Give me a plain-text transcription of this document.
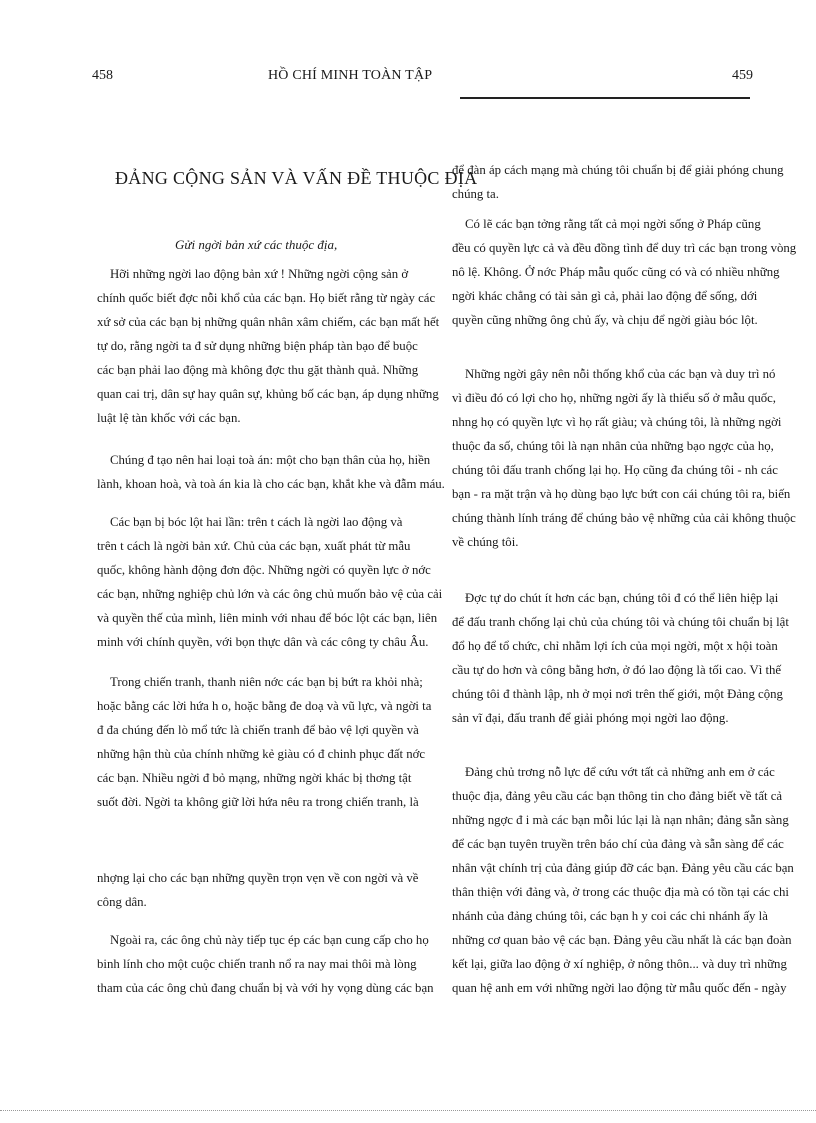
458	HỒ CHÍ MINH TOÀN TẬP	459
ĐẢNG CỘNG SẢN VÀ VẤN ĐỀ THUỘC ĐỊA
Gửi ngời bản xứ các thuộc địa,
Hỡi những ngời lao động bản xứ ! Những ngời cộng sản ở
chính quốc biết đợc nỗi khổ của các bạn. Họ biết rằng từ ngày các
xứ sở của các bạn bị những quân nhân xâm chiếm, các bạn mất hết
tự do, rằng ngời ta đ sử dụng những biện pháp tàn bạo để buộc
các bạn phải lao động mà không đợc thu gặt thành quả. Những
quan cai trị, dân sự hay quân sự, khủng bố các bạn, áp dụng những
luật lệ tàn khốc với các bạn.
Chúng đ tạo nên hai loại toà án: một cho bạn thân của họ, hiền
lành, khoan hoà, và toà án kia là cho các bạn, khắt khe và đẫm máu.
Các bạn bị bóc lột hai lần: trên t cách là ngời lao động và
trên t cách là ngời bản xứ. Chủ của các bạn, xuất phát từ mẫu
quốc, không hành động đơn độc. Những ngời có quyền lực ở nớc
các bạn, những nghiệp chủ lớn và các ông chủ muốn bảo vệ của cải
và quyền thế của mình, liên minh với nhau để bóc lột các bạn, liên
minh với chính quyền, với bọn thực dân và các công ty châu Âu.
Trong chiến tranh, thanh niên nớc các bạn bị bứt ra khỏi nhà;
hoặc bằng các lời hứa h o, hoặc bằng đe doạ và vũ lực, và ngời ta
đ đa chúng đến lò mổ tức là chiến tranh để bảo vệ lợi quyền và
những hận thù của chính những kẻ giàu có đ chinh phục đất nớc
các bạn. Nhiều ngời đ bỏ mạng, những ngời khác bị thơng tật
suốt đời. Ngời ta không giữ lời hứa nêu ra trong chiến tranh, là
nhợng lại cho các bạn những quyền trọn vẹn về con ngời và về
công dân.
Ngoài ra, các ông chủ này tiếp tục ép các bạn cung cấp cho họ
binh lính cho một cuộc chiến tranh nổ ra nay mai thôi mà lòng
tham của các ông chủ đang chuẩn bị và với hy vọng dùng các bạn
để đàn áp cách mạng mà chúng tôi chuẩn bị để giải phóng chung
chúng ta.
Có lẽ các bạn tởng rằng tất cả mọi ngời sống ở Pháp cũng
đều có quyền lực cả và đều đồng tình để duy trì các bạn trong vòng
nô lệ. Không. Ở nớc Pháp mẫu quốc cũng có và có nhiều những
ngời khác chẳng có tài sản gì cả, phải lao động để sống, dới
quyền cũng những ông chủ ấy, và chịu để ngời giàu bóc lột.
Những ngời gây nên nỗi thống khổ của các bạn và duy trì nó
vì điều đó có lợi cho họ, những ngời ấy là thiểu số ở mẫu quốc,
nhng họ có quyền lực vì họ rất giàu; và chúng tôi, là những ngời
thuộc đa số, chúng tôi là nạn nhân của những bạo ngợc của họ,
chúng tôi đấu tranh chống lại họ. Họ cũng đa chúng tôi - nh các
bạn - ra mặt trận và họ dùng bạo lực bứt con cái chúng tôi ra, biến
chúng thành lính tráng để chúng bảo vệ những của cải không thuộc
về chúng tôi.
Đợc tự do chút ít hơn các bạn, chúng tôi đ có thể liên hiệp lại
để đấu tranh chống lại chủ của chúng tôi và chúng tôi chuẩn bị lật
đổ họ để tổ chức, chỉ nhằm lợi ích của mọi ngời, một x hội toàn
cầu tự do hơn và công bằng hơn, ở đó lao động là tối cao. Vì thế
chúng tôi đ thành lập, nh ở mọi nơi trên thế giới, một Đảng cộng
sản vĩ đại, đấu tranh để giải phóng mọi ngời lao động.
Đảng chủ trơng nỗ lực để cứu vớt tất cả những anh em ở các
thuộc địa, đảng yêu cầu các bạn thông tin cho đảng biết về tất cả
những ngợc đ i mà các bạn mỗi lúc lại là nạn nhân; đảng sẵn sàng
để các bạn tuyên truyền trên báo chí của đảng và sẵn sàng để các
nhân vật chính trị của đảng giúp đỡ các bạn. Đảng yêu cầu các bạn
thân thiện với đảng và, ở trong các thuộc địa mà có tồn tại các chi
nhánh của đảng chúng tôi, các bạn h y coi các chi nhánh ấy là
những cơ quan bảo vệ các bạn. Đảng yêu cầu nhất là các bạn đoàn
kết lại, giữa lao động ở xí nghiệp, ở nông thôn... và duy trì những
quan hệ anh em với những ngời lao động từ mẫu quốc đến - ngày
